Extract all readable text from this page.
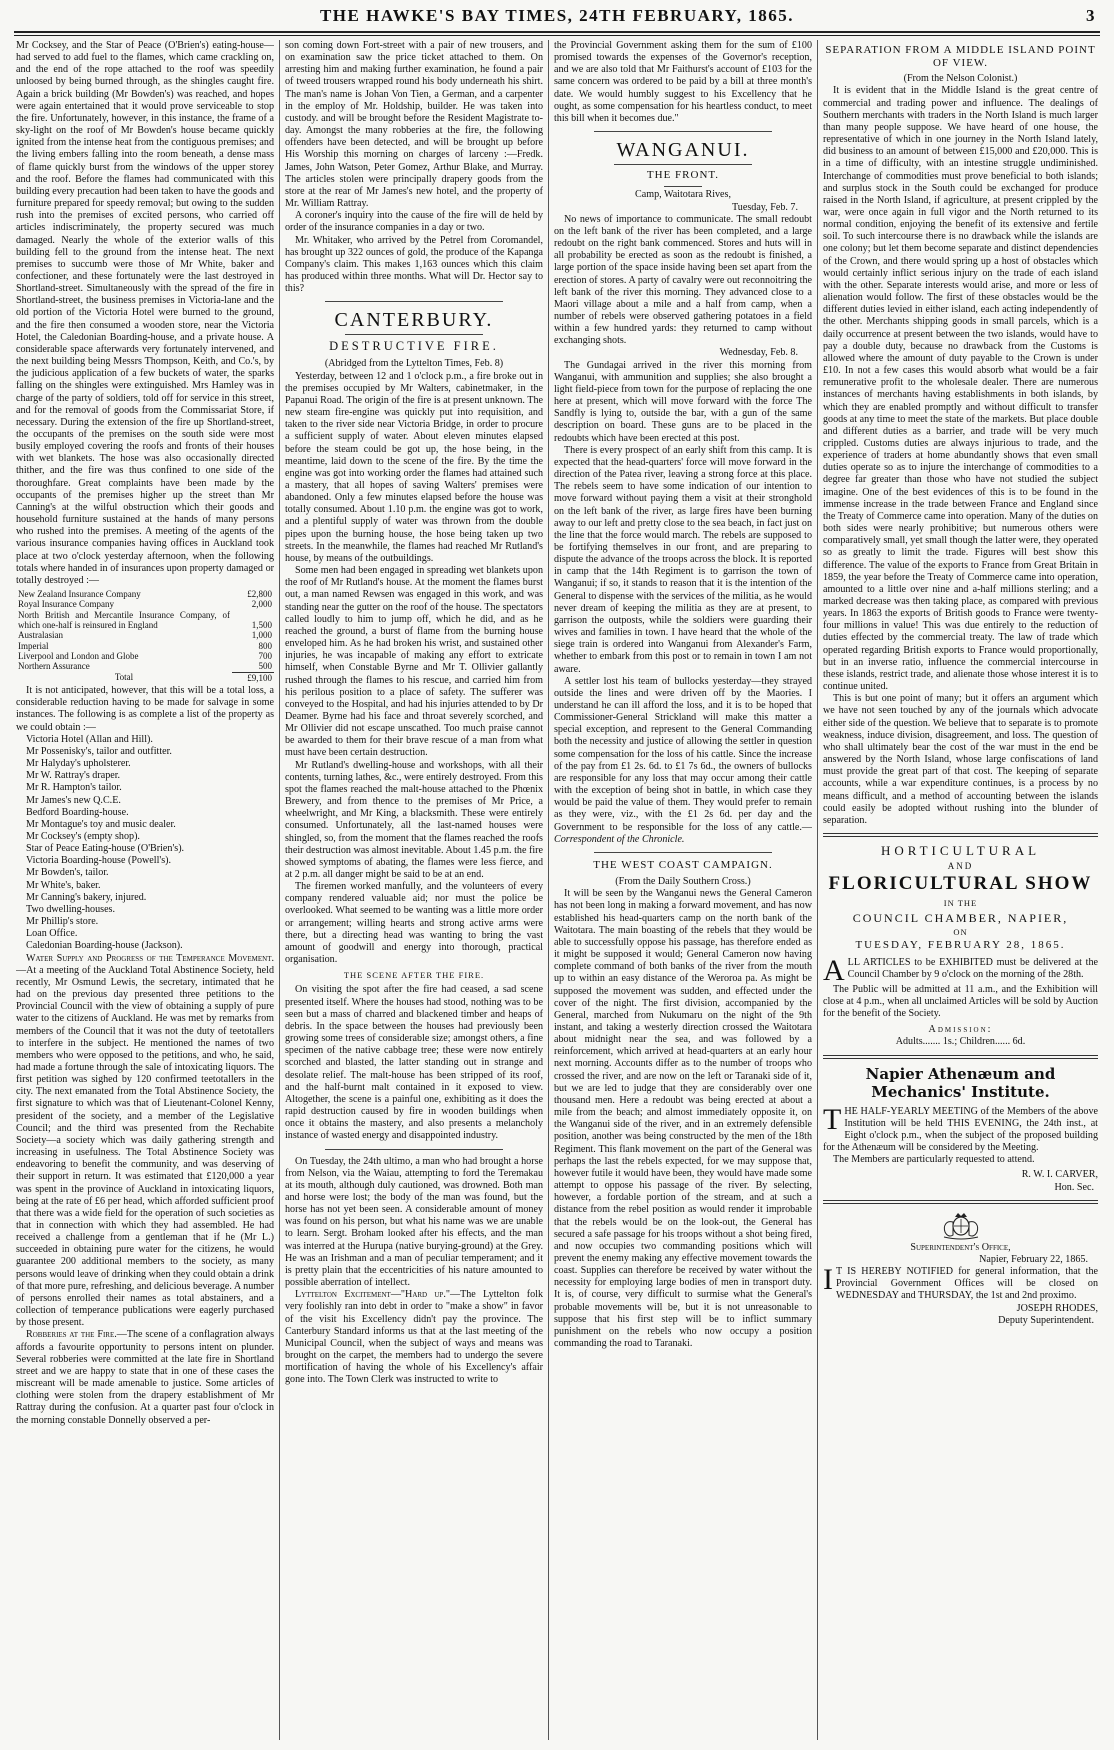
THE HAWKE'S BAY TIMES, 24TH FEBRUARY, 1865.	3

Mr Cocksey, and the Star of Peace (O'Brien's) eating-house—had served to add fuel to the flames, which came crackling on, and the end of the rope attached to the roof was speedily unloosed by being burned through, as the shingles caught fire. Again a brick building (Mr Bowden's) was reached, and hopes were again entertained that it would prove serviceable to stop the fire. Unfortunately, however, in this instance, the frame of a sky-light on the roof of Mr Bowden's house became quickly ignited from the intense heat from the contiguous premises; and the living embers falling into the room beneath, a dense mass of flame quickly burst from the windows of the upper storey and the roof. Before the flames had communicated with this building every precaution had been taken to have the goods and furniture prepared for speedy removal; but owing to the sudden rush into the premises of excited persons, who carried off articles indiscriminately, the property secured was much damaged. Nearly the whole of the exterior walls of this building fell to the ground from the intense heat. The next premises to succumb were those of Mr White, baker and confectioner, and these fortunately were the last destroyed in Shortland-street. Simultaneously with the spread of the fire in Shortland-street, the business premises in Victoria-lane and the old portion of the Victoria Hotel were burned to the ground, and the fire then consumed a wooden store, near the Victoria Hotel, the Caledonian Boarding-house, and a private house. A considerable space afterwards very fortunately intervened, and the next building being Messrs Thompson, Keith, and Co.'s, by the judicious application of a few buckets of water, the sparks falling on the shingles were extinguished. Mrs Hamley was in charge of the party of soldiers, told off for service in this street, and for the removal of goods from the Commissariat Store, if necessary. During the extension of the fire up Shortland-street, the occupants of the premises on the south side were most busily employed covering the roofs and fronts of their houses with wet blankets. The hose was also occasionally directed thither, and the fire was thus confined to one side of the thoroughfare. Great complaints have been made by the occupants of the premises higher up the street than Mr Canning's at the wilful obstruction which their goods and household furniture sustained at the hands of many persons who rushed into the premises. A meeting of the agents of the various insurance companies having offices in Auckland took place at two o'clock yesterday afternoon, when the following totals where handed in of insurances upon property damaged or totally destroyed :—

New Zealand Insurance Company	£2,800
Royal Insurance Company	2,000
North British and Mercantile Insurance Company, of which one-half is reinsured in England	1,500
Australasian	1,000
Imperial	800
Liverpool and London and Globe	700
Northern Assurance	500
Total	£9,100

It is not anticipated, however, that this will be a total loss, a considerable reduction having to be made for salvage in some instances. The following is as complete a list of the property as we could obtain :—

Victoria Hotel (Allan and Hill).

Mr Possenisky's, tailor and outfitter.

Mr Halyday's upholsterer.

Mr W. Rattray's draper.

Mr R. Hampton's tailor.

Mr James's new Q.C.E.

Bedford Boarding-house.

Mr Montague's toy and music dealer.

Mr Cocksey's (empty shop).

Star of Peace Eating-house (O'Brien's).

Victoria Boarding-house (Powell's).

Mr Bowden's, tailor.

Mr White's, baker.

Mr Canning's bakery, injured.

Two dwelling-houses.

Mr Phillip's store.

Loan Office.

Caledonian Boarding-house (Jackson).

Water Supply and Progress of the Temperance Movement.—At a meeting of the Auckland Total Abstinence Society, held recently, Mr Osmund Lewis, the secretary, intimated that he had on the previous day presented three petitions to the Provincial Council with the view of obtaining a supply of pure water to the citizens of Auckland. He was met by remarks from members of the Council that it was not the duty of teetotallers to interfere in the subject. He mentioned the names of two members who were opposed to the petitions, and who, he said, had made a fortune through the sale of intoxicating liquors. The first petition was sighed by 120 confirmed teetotallers in the city. The next emanated from the Total Abstinence Society, the first signature to which was that of Lieutenant-Colonel Kenny, president of the society, and a member of the Legislative Council; and the third was presented from the Rechabite Society—a society which was daily gathering strength and increasing in usefulness. The Total Abstinence Society was endeavoring to benefit the community, and was deserving of their support in return. It was estimated that £120,000 a year was spent in the province of Auckland in intoxicating liquors, being at the rate of £6 per head, which afforded sufficient proof that there was a wide field for the operation of such societies as that in connection with which they had assembled. He had received a challenge from a gentleman that if he (Mr L.) succeeded in obtaining pure water for the citizens, he would guarantee 200 additional members to the society, as many persons would leave of drinking when they could obtain a drink of that more pure, refreshing, and delicious beverage. A number of persons enrolled their names as total abstainers, and a collection of temperance publications were eagerly purchased by those present.

Robberies at the Fire.—The scene of a conflagration always affords a favourite opportunity to persons intent on plunder. Several robberies were committed at the late fire in Shortland street and we are happy to state that in one of these cases the miscreant will be made amenable to justice. Some articles of clothing were stolen from the drapery establishment of Mr Rattray during the confusion. At a quarter past four o'clock in the morning constable Donnelly observed a per-

son coming down Fort-street with a pair of new trousers, and on examination saw the price ticket attached to them. On arresting him and making further examination, he found a pair of tweed trousers wrapped round his body underneath his shirt. The man's name is Johan Von Tien, a German, and a carpenter in the employ of Mr. Holdship, builder. He was taken into custody. and will be brought before the Resident Magistrate to-day. Amongst the many robberies at the fire, the following offenders have been detected, and will be brought up before His Worship this morning on charges of larceny :—Fredk. James, John Watson, Peter Gomez, Arthur Blake, and Murray. The articles stolen were principally drapery goods from the store at the rear of Mr James's new hotel, and the property of Mr. William Rattray.

A coroner's inquiry into the cause of the fire will de held by order of the insurance companies in a day or two.

Mr. Whitaker, who arrived by the Petrel from Coromandel, has brought up 322 ounces of gold, the produce of the Kapanga Company's claim. This makes 1,163 ounces which this claim has produced within three months. What will Dr. Hector say to this?

CANTERBURY.
DESTRUCTIVE FIRE.

(Abridged from the Lyttelton Times, Feb. 8)

Yesterday, between 12 and 1 o'clock p.m., a fire broke out in the premises occupied by Mr Walters, cabinetmaker, in the Papanui Road. The origin of the fire is at present unknown. The new steam fire-engine was quickly put into requisition, and taken to the river side near Victoria Bridge, in order to procure a sufficient supply of water. About eleven minutes elapsed before the steam could be got up, the hose being, in the meantime, laid down to the scene of the fire. By the time the engine was got into working order the flames had attained such a mastery, that all hopes of saving Walters' premises were abandoned. Only a few minutes elapsed before the house was totally consumed. About 1.10 p.m. the engine was got to work, and a plentiful supply of water was thrown from the double pipes upon the burning house, the hose being taken up two streets. In the meanwhile, the flames had reached Mr Rutland's house, by means of the outbuildings.

Some men had been engaged in spreading wet blankets upon the roof of Mr Rutland's house. At the moment the flames burst out, a man named Rewsen was engaged in this work, and was standing near the gutter on the roof of the house. The spectators called loudly to him to jump off, which he did, and as he reached the ground, a burst of flame from the burning house enveloped him. As he had broken his wrist, and sustained other injuries, he was incapable of making any effort to extricate himself, when Constable Byrne and Mr T. Ollivier gallantly rushed through the flames to his rescue, and carried him from his perilous position to a place of safety. The sufferer was conveyed to the Hospital, and had his injuries attended to by Dr Deamer. Byrne had his face and throat severely scorched, and Mr Ollivier did not escape unscathed. Too much praise cannot be awarded to them for their brave rescue of a man from what must have been certain destruction.

Mr Rutland's dwelling-house and workshops, with all their contents, turning lathes, &c., were entirely destroyed. From this spot the flames reached the malt-house attached to the Phœnix Brewery, and from thence to the premises of Mr Price, a wheelwright, and Mr King, a blacksmith. These were entirely consumed. Unfortunately, all the last-named houses were shingled, so, from the moment that the flames reached the roofs their destruction was almost inevitable. About 1.45 p.m. the fire showed symptoms of abating, the flames were less fierce, and at 2 p.m. all danger might be said to be at an end.

The firemen worked manfully, and the volunteers of every company rendered valuable aid; nor must the police be overlooked. What seemed to be wanting was a little more order or arrangement; willing hearts and strong active arms were there, but a directing head was wanting to bring the vast amount of goodwill and energy into thorough, practical organisation.

THE SCENE AFTER THE FIRE.

On visiting the spot after the fire had ceased, a sad scene presented itself. Where the houses had stood, nothing was to be seen but a mass of charred and blackened timber and heaps of debris. In the space between the houses had previously been growing some trees of considerable size; amongst others, a fine specimen of the native cabbage tree; these were now entirely scorched and blasted, the latter standing out in strange and desolate relief. The malt-house has been stripped of its roof, and the half-burnt malt contained in it exposed to view. Altogether, the scene is a painful one, exhibiting as it does the rapid destruction caused by fire in wooden buildings when once it obtains the mastery, and also presents a melancholy instance of wasted energy and disappointed industry.

On Tuesday, the 24th ultimo, a man who had brought a horse from Nelson, via the Waiau, attempting to ford the Teremakau at its mouth, although duly cautioned, was drowned. Both man and horse were lost; the body of the man was found, but the horse has not yet been seen. A considerable amount of money was found on his person, but what his name was we are unable to learn. Sergt. Broham looked after his effects, and the man was interred at the Hurupa (native burying-ground) at the Grey. He was an Irishman and a man of peculiar temperament; and it is pretty plain that the eccentricities of his nature amounted to possible aberration of intellect.

Lyttelton Excitement—"Hard up."—The Lyttelton folk very foolishly ran into debt in order to "make a show" in favor of the visit his Excellency didn't pay the province. The Canterbury Standard informs us that at the last meeting of the Municipal Council, when the subject of ways and means was brought on the carpet, the members had to undergo the severe mortification of having the whole of his Excellency's affair gone into. The Town Clerk was instructed to write to

the Provincial Government asking them for the sum of £100 promised towards the expenses of the Governor's reception, and we are also told that Mr Faithurst's account of £103 for the same concern was ordered to be paid by a bill at three month's date. We would humbly suggest to his Excellency that he ought, as some compensation for his heartless conduct, to meet this bill when it becomes due."

WANGANUI.
THE FRONT.

Camp, Waitotara Rives,

Tuesday, Feb. 7.

No news of importance to communicate. The small redoubt on the left bank of the river has been completed, and a large redoubt on the right bank commenced. Stores and huts will in all probability be erected as soon as the redoubt is finished, a large portion of the space inside having been set apart from the erection of stores. A party of cavalry were out reconnoitring the left bank of the river this morning. They advanced close to a Maori village about a mile and a half from camp, when a number of rebels were observed gathering potatoes in a field within a few hundred yards: they returned to camp without exchanging shots.

Wednesday, Feb. 8.

The Gundagai arrived in the river this morning from Wanganui, with ammunition and supplies; she also brought a light field-piece from town for the purpose of replacing the one here at present, which will move forward with the force The Sandfly is lying to, outside the bar, with a gun of the same description on board. These guns are to be placed in the redoubts which have been erected at this post.

There is every prospect of an early shift from this camp. It is expected that the head-quarters' force will move forward in the direction of the Patea river, leaving a strong force at this place. The rebels seem to have some indication of our intention to move forward without paying them a visit at their stronghold on the left bank of the river, as large fires have been burning away to our left and pretty close to the sea beach, in fact just on the line that the force would march. The rebels are supposed to be fortifying themselves in our front, and are preparing to dispute the advance of the troops across the block. It is reported in camp that the 14th Regiment is to garrison the town of Wanganui; if so, it stands to reason that it is the intention of the General to dispense with the services of the militia, as he would never dream of keeping the militia as they are at present, to garrison the outposts, while the soldiers were guarding their wives and families in town. I have heard that the whole of the siege train is ordered into Wanganui from Alexander's Farm, whether to embark from this post or to remain in town I am not aware.

A settler lost his team of bullocks yesterday—they strayed outside the lines and were driven off by the Maories. I understand he can ill afford the loss, and it is to be hoped that Commissioner-General Strickland will make this matter a special exception, and represent to the General Commanding both the necessity and justice of allowing the settler in question some compensation for the loss of his cattle. Since the increase of the pay from £1 2s. 6d. to £1 7s 6d., the owners of bullocks are responsible for any loss that may occur among their cattle with the exception of being shot in battle, in which case they would be paid the value of them. They would prefer to remain as they were, viz., with the £1 2s 6d. per day and the Government to be responsible for the loss of any cattle.—Correspondent of the Chronicle.

THE WEST COAST CAMPAIGN.

(From the Daily Southern Cross.)

It will be seen by the Wanganui news the General Cameron has not been long in making a forward movement, and has now established his head-quarters camp on the north bank of the Waitotara. The main boasting of the rebels that they would be able to successfully oppose his passage, has therefore ended as it might be supposed it would; General Cameron now having complete command of both banks of the river from the mouth up to within an easy distance of the Weroroa pa. As might be supposed the movement was sudden, and effected under the cover of the night. The first division, accompanied by the General, marched from Nukumaru on the night of the 9th instant, and taking a westerly direction crossed the Waitotara about midnight near the sea, and was followed by a reinforcement, which arrived at head-quarters at an early hour next morning. Accounts differ as to the number of troops who crossed the river, and are now on the left or Taranaki side of it, but we are led to judge that they are considerably over one thousand men. Here a redoubt was being erected at about a mile from the beach; and almost immediately opposite it, on the Wanganui side of the river, and in an extremely defensible position, another was being constructed by the men of the 18th Regiment. This flank movement on the part of the General was perhaps the last the rebels expected, for we may suppose that, however futile it would have been, they would have made some attempt to oppose his passage of the river. By selecting, however, a fordable portion of the stream, and at such a distance from the rebel position as would render it improbable that the rebels would be on the look-out, the General has secured a safe passage for his troops without a shot being fired, and now occupies two commanding positions which will prevent the enemy making any effective movement towards the coast. Supplies can therefore be received by water without the necessity for employing large bodies of men in transport duty. It is, of course, very difficult to surmise what the General's probable movements will be, but it is not unreasonable to suppose that his first step will be to inflict summary punishment on the rebels who now occupy a position commanding the road to Taranaki.

SEPARATION FROM A MIDDLE ISLAND POINT OF VIEW.

(From the Nelson Colonist.)

It is evident that in the Middle Island is the great centre of commercial and trading power and influence. The dealings of Southern merchants with traders in the North Island is much larger than many people suppose. We have heard of one house, the representative of which in one journey in the North Island lately, did business to an amount of between £15,000 and £20,000. This is in a time of difficulty, with an intestine struggle undiminished. Interchange of commodities must prove beneficial to both islands; and surplus stock in the South could be exchanged for produce raised in the North Island, if agriculture, at present crippled by the war, were once again in full vigor and the North returned to its normal condition, enjoying the benefit of its extensive and fertile soil. To such intercourse there is no drawback while the islands are one colony; but let them become separate and distinct dependencies of the Crown, and there would spring up a host of obstacles which would certainly inflict serious injury on the trade of each island with the other. Separate interests would arise, and more or less of alienation would follow. The first of these obstacles would be the different duties levied in either island, each acting independently of the other. Merchants shipping goods in small parcels, which is a daily occurrence at present between the two islands, would have to pay a double duty, because no drawback from the Customs is allowed where the amount of duty payable to the Crown is under £10. In not a few cases this would absorb what would be a fair remunerative profit to the wholesale dealer. There are numerous instances of merchants having establishments in both islands, by which they are enabled promptly and without difficult to transfer goods at any time to meet the state of the markets. But place double and different duties as a barrier, and trade will be very much crippled. Customs duties are always injurious to trade, and the experience of traders at home abundantly shows that even small duties operate so as to injure the interchange of commodities to a degree far greater than those who have not studied the subject imagine. One of the best evidences of this is to be found in the immense increase in the trade between France and England since the Treaty of Commerce came into operation. Many of the duties on both sides were nearly prohibitive; but numerous others were comparatively small, yet small though the latter were, they operated so as greatly to limit the trade. Figures will best show this difference. The value of the exports to France from Great Britain in 1859, the year before the Treaty of Commerce came into operation, amounted to a little over nine and a-half millions sterling; and a marked decrease was then taking place, as compared with previous years. In 1863 the exports of British goods to France were twenty-four millions in value! This was due entirely to the reduction of duties effected by the commercial treaty. The law of trade which operated regarding British exports to France would proportionally, but in an inverse ratio, influence the commercial intercourse in these islands, restrict trade, and alienate those whose interest it is to continue united.

This is but one point of many; but it offers an argument which we have not seen touched by any of the journals which advocate either side of the question. We believe that to separate is to promote weakness, induce division, disagreement, and loss. The question of who shall ultimately bear the cost of the war must in the end be answered by the North Island, whose large confiscations of land must provide the great part of that cost. The keeping of separate accounts, while a war expenditure continues, is a process by no means difficult, and a method of accounting between the islands could easily be adopted without rushing into the blunder of separation.

HORTICULTURAL
AND
FLORICULTURAL SHOW
IN THE
COUNCIL CHAMBER, NAPIER,
ON
TUESDAY, FEBRUARY 28, 1865.

ALL ARTICLES to be EXHIBITED must be delivered at the Council Chamber by 9 o'clock on the morning of the 28th.

The Public will be admitted at 11 a.m., and the Exhibition will close at 4 p.m., when all unclaimed Articles will be sold by Auction for the benefit of the Society.

Admission:

Adults....... 1s.; Children...... 6d.

Napier Athenæum and Mechanics' Institute.

THE HALF-YEARLY MEETING of the Members of the above Institution will be held THIS EVENING, the 24th inst., at Eight o'clock p.m., when the subject of the proposed building for the Athenæum will be considered by the Meeting.

The Members are particularly requested to attend.

R. W. I. CARVER,

Hon. Sec.

Superintendent's Office,

Napier, February 22, 1865.

I T IS HEREBY NOTIFIED for general information, that the Provincial Government Offices will be closed on WEDNESDAY and THURSDAY, the 1st and 2nd proximo.

JOSEPH RHODES,

Deputy Superintendent.
